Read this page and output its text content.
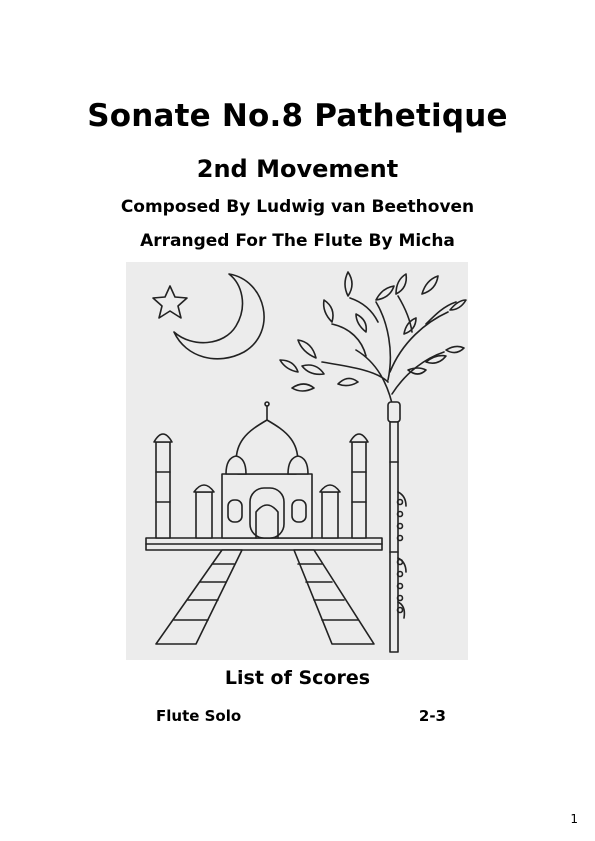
Sonate No.8 Pathetique
2nd Movement
Composed By Ludwig van Beethoven
Arranged For The Flute By Micha
List of Scores
Flute Solo	2-3
1
